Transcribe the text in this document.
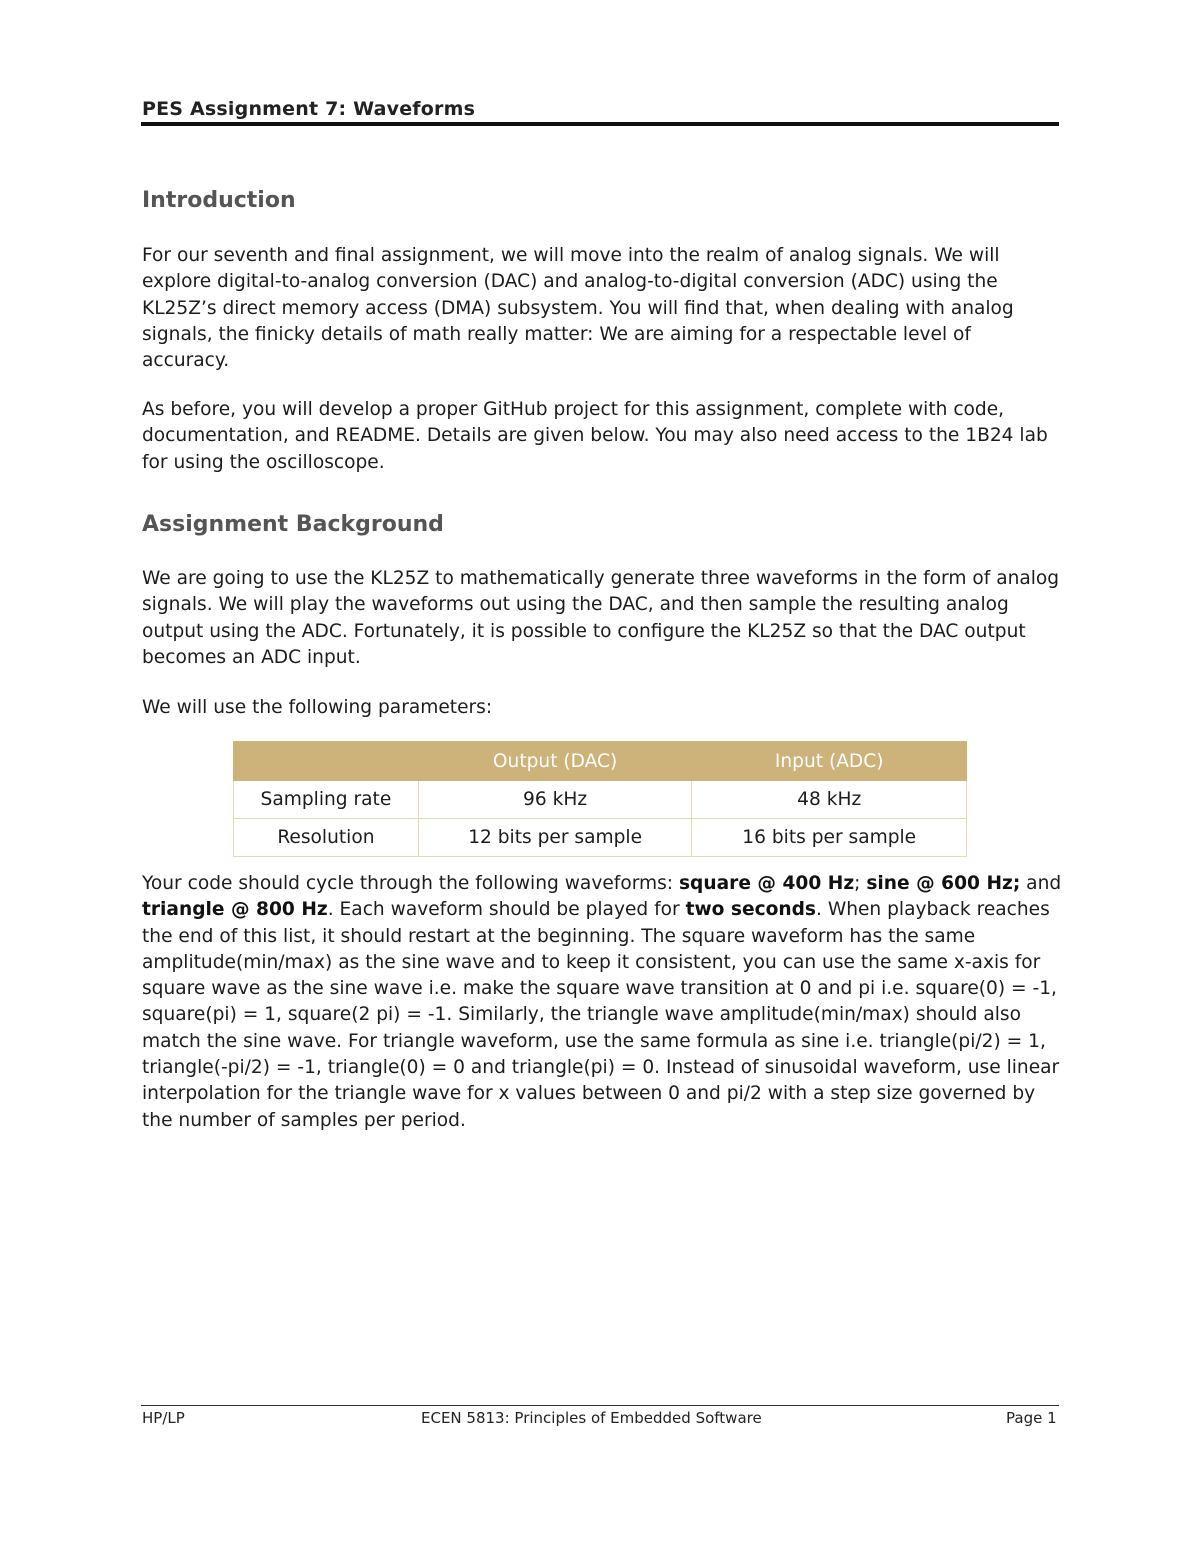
PES Assignment 7: Waveforms
Introduction

For our seventh and final assignment, we will move into the realm of analog signals. We will explore digital-to-analog conversion (DAC) and analog-to-digital conversion (ADC) using the KL25Z’s direct memory access (DMA) subsystem. You will find that, when dealing with analog signals, the finicky details of math really matter: We are aiming for a respectable level of accuracy.

As before, you will develop a proper GitHub project for this assignment, complete with code, documentation, and README. Details are given below. You may also need access to the 1B24 lab for using the oscilloscope.

Assignment Background

We are going to use the KL25Z to mathematically generate three waveforms in the form of analog signals. We will play the waveforms out using the DAC, and then sample the resulting analog output using the ADC. Fortunately, it is possible to configure the KL25Z so that the DAC output becomes an ADC input.

We will use the following parameters:

	Output (DAC)	Input (ADC)
Sampling rate	96 kHz	48 kHz
Resolution	12 bits per sample	16 bits per sample

Your code should cycle through the following waveforms: square @ 400 Hz; sine @ 600 Hz; and triangle @ 800 Hz. Each waveform should be played for two seconds. When playback reaches the end of this list, it should restart at the beginning. The square waveform has the same amplitude(min/max) as the sine wave and to keep it consistent, you can use the same x-axis for square wave as the sine wave i.e. make the square wave transition at 0 and pi i.e. square(0) = -1, square(pi) = 1, square(2 pi) = -1. Similarly, the triangle wave amplitude(min/max) should also match the sine wave. For triangle waveform, use the same formula as sine i.e. triangle(pi/2) = 1, triangle(-pi/2) = -1, triangle(0) = 0 and triangle(pi) = 0. Instead of sinusoidal waveform, use linear interpolation for the triangle wave for x values between 0 and pi/2 with a step size governed by the number of samples per period.

HP/LP	ECEN 5813: Principles of Embedded Software	Page 1
